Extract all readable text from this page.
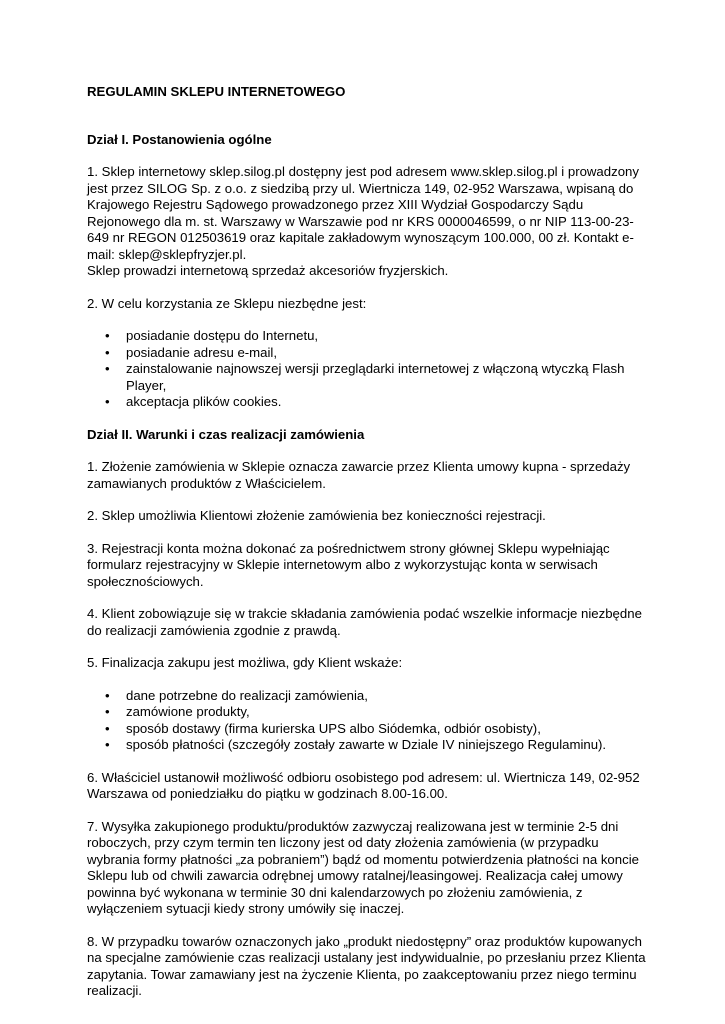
REGULAMIN SKLEPU INTERNETOWEGO
Dział I. Postanowienia ogólne
1. Sklep internetowy sklep.silog.pl dostępny jest pod adresem www.sklep.silog.pl i prowadzony jest przez SILOG Sp. z o.o. z siedzibą przy ul. Wiertnicza 149, 02-952 Warszawa, wpisaną do Krajowego Rejestru Sądowego prowadzonego przez XIII Wydział Gospodarczy Sądu Rejonowego dla m. st. Warszawy w Warszawie pod nr KRS 0000046599, o nr NIP 113-00-23-649 nr REGON 012503619 oraz kapitale zakładowym wynoszącym 100.000, 00 zł. Kontakt e-mail: sklep@sklepfryzjer.pl.
Sklep prowadzi internetową sprzedaż akcesoriów fryzjerskich.

2. W celu korzystania ze Sklepu niezbędne jest:

• posiadanie dostępu do Internetu,
• posiadanie adresu e-mail,
• zainstalowanie najnowszej wersji przeglądarki internetowej z włączoną wtyczką Flash Player,
• akceptacja plików cookies.
Dział II. Warunki i czas realizacji zamówienia

1. Złożenie zamówienia w Sklepie oznacza zawarcie przez Klienta umowy kupna - sprzedaży zamawianych produktów z Właścicielem.

2. Sklep umożliwia Klientowi złożenie zamówienia bez konieczności rejestracji.

3. Rejestracji konta można dokonać za pośrednictwem strony głównej Sklepu wypełniając formularz rejestracyjny w Sklepie internetowym albo z wykorzystując konta w serwisach społecznościowych.

4. Klient zobowiązuje się w trakcie składania zamówienia podać wszelkie informacje niezbędne do realizacji zamówienia zgodnie z prawdą.

5. Finalizacja zakupu jest możliwa, gdy Klient wskaże:

• dane potrzebne do realizacji zamówienia,
• zamówione produkty,
• sposób dostawy (firma kurierska UPS albo Siódemka, odbiór osobisty),
• sposób płatności (szczegóły zostały zawarte w Dziale IV niniejszego Regulaminu).

6. Właściciel ustanowił możliwość odbioru osobistego pod adresem: ul. Wiertnicza 149, 02-952 Warszawa od poniedziałku do piątku w godzinach 8.00-16.00.

7. Wysyłka zakupionego produktu/produktów zazwyczaj realizowana jest w terminie 2-5 dni roboczych, przy czym termin ten liczony jest od daty złożenia zamówienia (w przypadku wybrania formy płatności „za pobraniem”) bądź od momentu potwierdzenia płatności na koncie Sklepu lub od chwili zawarcia odrębnej umowy ratalnej/leasingowej. Realizacja całej umowy powinna być wykonana w terminie 30 dni kalendarzowych po złożeniu zamówienia, z wyłączeniem sytuacji kiedy strony umówiły się inaczej.

8. W przypadku towarów oznaczonych jako „produkt niedostępny” oraz produktów kupowanych na specjalne zamówienie czas realizacji ustalany jest indywidualnie, po przesłaniu przez Klienta zapytania. Towar zamawiany jest na życzenie Klienta, po zaakceptowaniu przez niego terminu realizacji.
